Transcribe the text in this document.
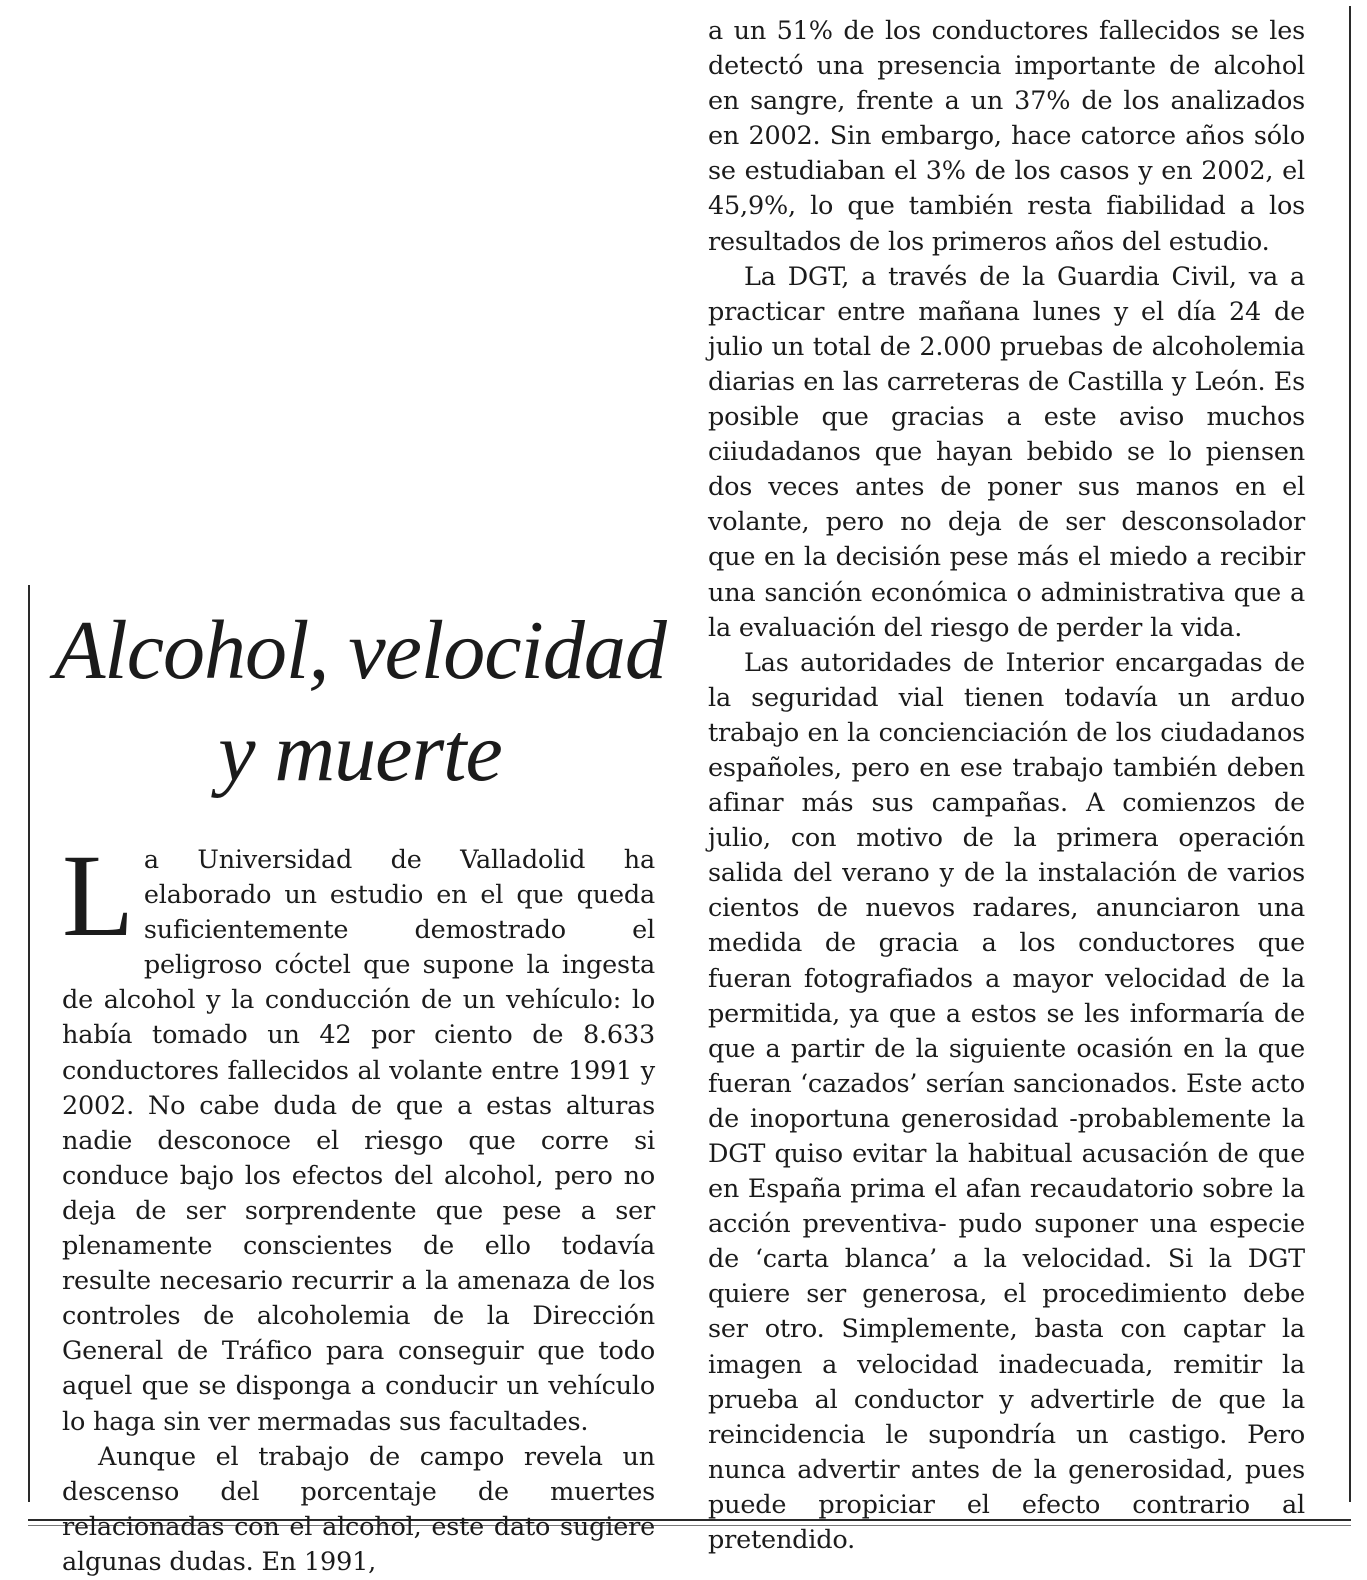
Alcohol, velocidad
y muerte

La Universidad de Valladolid ha elaborado un estudio en el que queda suficientemente demostrado el peligroso cóctel que supone la ingesta de alcohol y la conducción de un vehículo: lo había tomado un 42 por ciento de 8.633 conductores fallecidos al volante entre 1991 y 2002. No cabe duda de que a estas alturas nadie desconoce el riesgo que corre si conduce bajo los efectos del alcohol, pero no deja de ser sorprendente que pese a ser plenamente conscientes de ello todavía resulte necesario recurrir a la amenaza de los controles de alcoholemia de la Dirección General de Tráfico para conseguir que todo aquel que se disponga a conducir un vehículo lo haga sin ver mermadas sus facultades.

Aunque el trabajo de campo revela un descenso del porcentaje de muertes relacionadas con el alcohol, este dato sugiere algunas dudas. En 1991,

a un 51% de los conductores fallecidos se les detectó una presencia importante de alcohol en sangre, frente a un 37% de los analizados en 2002. Sin embargo, hace catorce años sólo se estudiaban el 3% de los casos y en 2002, el 45,9%, lo que también resta fiabilidad a los resultados de los primeros años del estudio.

La DGT, a través de la Guardia Civil, va a practicar entre mañana lunes y el día 24 de julio un total de 2.000 pruebas de alcoholemia diarias en las carreteras de Castilla y León. Es posible que gracias a este aviso muchos ciiudadanos que hayan bebido se lo piensen dos veces antes de poner sus manos en el volante, pero no deja de ser desconsolador que en la decisión pese más el miedo a recibir una sanción económica o administrativa que a la evaluación del riesgo de perder la vida.

Las autoridades de Interior encargadas de la seguridad vial tienen todavía un arduo trabajo en la concienciación de los ciudadanos españoles, pero en ese trabajo también deben afinar más sus campañas. A comienzos de julio, con motivo de la primera operación salida del verano y de la instalación de varios cientos de nuevos radares, anunciaron una medida de gracia a los conductores que fueran fotografiados a mayor velocidad de la permitida, ya que a estos se les informaría de que a partir de la siguiente ocasión en la que fueran ‘cazados’ serían sancionados. Este acto de inoportuna generosidad -probablemente la DGT quiso evitar la habitual acusación de que en España prima el afan recaudatorio sobre la acción preventiva- pudo suponer una especie de ‘carta blanca’ a la velocidad. Si la DGT quiere ser generosa, el procedimiento debe ser otro. Simplemente, basta con captar la imagen a velocidad inadecuada, remitir la prueba al conductor y advertirle de que la reincidencia le supondría un castigo. Pero nunca advertir antes de la generosidad, pues puede propiciar el efecto contrario al pretendido.
